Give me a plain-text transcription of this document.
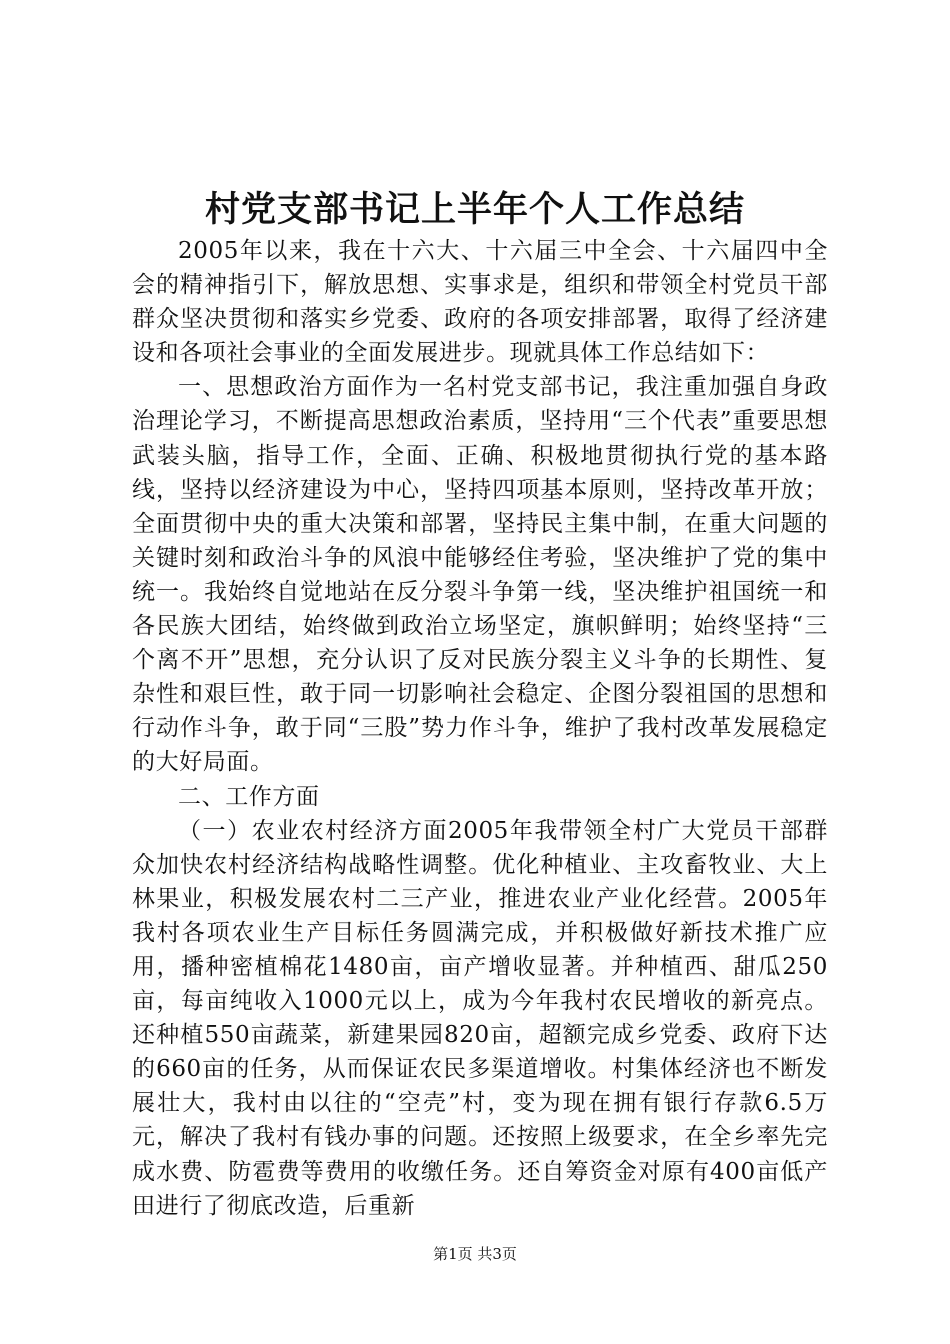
村党支部书记上半年个人工作总结

2005年以来，我在十六大、十六届三中全会、十六届四中全会的精神指引下，解放思想、实事求是，组织和带领全村党员干部群众坚决贯彻和落实乡党委、政府的各项安排部署，取得了经济建设和各项社会事业的全面发展进步。现就具体工作总结如下：

一、思想政治方面作为一名村党支部书记，我注重加强自身政治理论学习，不断提高思想政治素质，坚持用“三个代表”重要思想武装头脑，指导工作，全面、正确、积极地贯彻执行党的基本路线，坚持以经济建设为中心，坚持四项基本原则，坚持改革开放；全面贯彻中央的重大决策和部署，坚持民主集中制，在重大问题的关键时刻和政治斗争的风浪中能够经住考验，坚决维护了党的集中统一。我始终自觉地站在反分裂斗争第一线，坚决维护祖国统一和各民族大团结，始终做到政治立场坚定，旗帜鲜明；始终坚持“三个离不开”思想，充分认识了反对民族分裂主义斗争的长期性、复杂性和艰巨性，敢于同一切影响社会稳定、企图分裂祖国的思想和行动作斗争，敢于同“三股”势力作斗争，维护了我村改革发展稳定的大好局面。

二、工作方面

（一）农业农村经济方面2005年我带领全村广大党员干部群众加快农村经济结构战略性调整。优化种植业、主攻畜牧业、大上林果业，积极发展农村二三产业，推进农业产业化经营。2005年我村各项农业生产目标任务圆满完成，并积极做好新技术推广应用，播种密植棉花1480亩，亩产增收显著。并种植西、甜瓜250亩，每亩纯收入1000元以上，成为今年我村农民增收的新亮点。还种植550亩蔬菜，新建果园820亩，超额完成乡党委、政府下达的660亩的任务，从而保证农民多渠道增收。村集体经济也不断发展壮大，我村由以往的“空壳”村，变为现在拥有银行存款6.5万元，解决了我村有钱办事的问题。还按照上级要求，在全乡率先完成水费、防雹费等费用的收缴任务。还自筹资金对原有400亩低产田进行了彻底改造，后重新

第1页 共3页
